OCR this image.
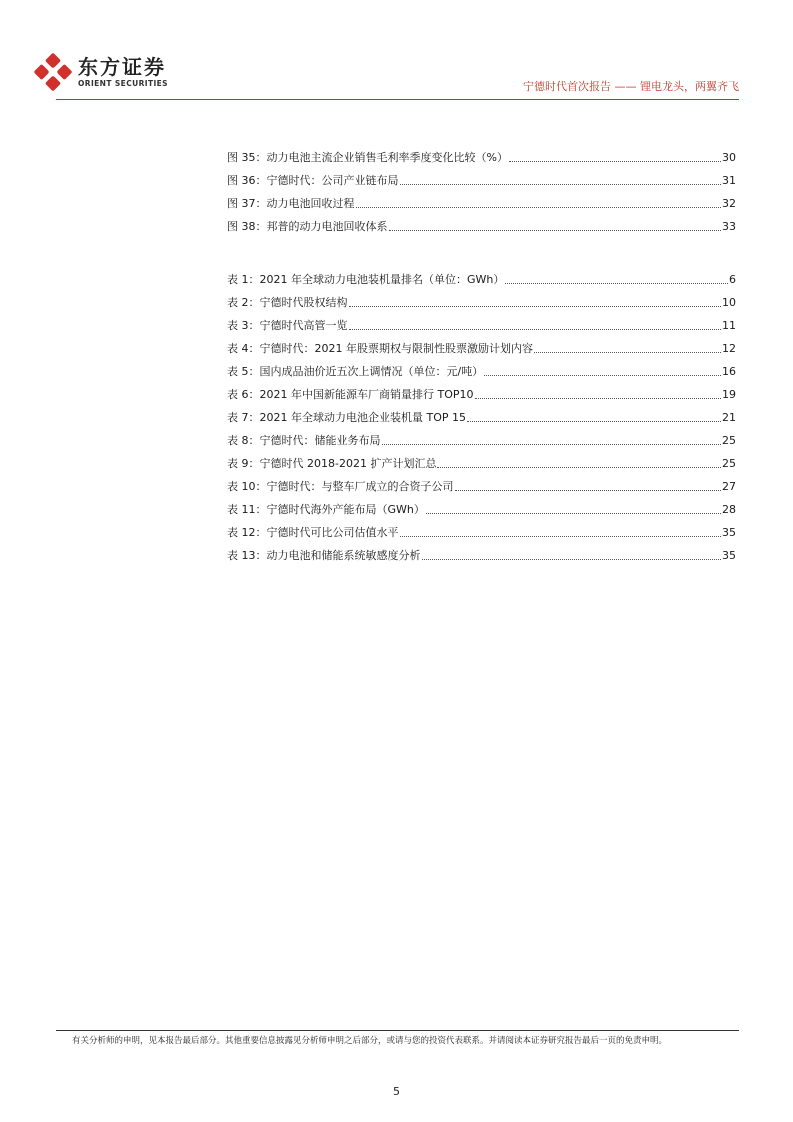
东方证券
ORIENT SECURITIES	宁德时代首次报告 —— 锂电龙头，两翼齐飞
图 35：动力电池主流企业销售毛利率季度变化比较（%）	30
图 36：宁德时代：公司产业链布局	31
图 37：动力电池回收过程	32
图 38：邦普的动力电池回收体系	33
表 1：2021 年全球动力电池装机量排名（单位：GWh）	6
表 2：宁德时代股权结构	10
表 3：宁德时代高管一览	11
表 4：宁德时代：2021 年股票期权与限制性股票激励计划内容	12
表 5：国内成品油价近五次上调情况（单位：元/吨）	16
表 6：2021 年中国新能源车厂商销量排行 TOP10	19
表 7：2021 年全球动力电池企业装机量 TOP 15	21
表 8：宁德时代：储能业务布局	25
表 9：宁德时代 2018-2021 扩产计划汇总	25
表 10：宁德时代：与整车厂成立的合资子公司	27
表 11：宁德时代海外产能布局（GWh）	28
表 12：宁德时代可比公司估值水平	35
表 13：动力电池和储能系统敏感度分析	35
有关分析师的申明，见本报告最后部分。其他重要信息披露见分析师申明之后部分，或请与您的投资代表联系。并请阅读本证券研究报告最后一页的免责申明。
5
